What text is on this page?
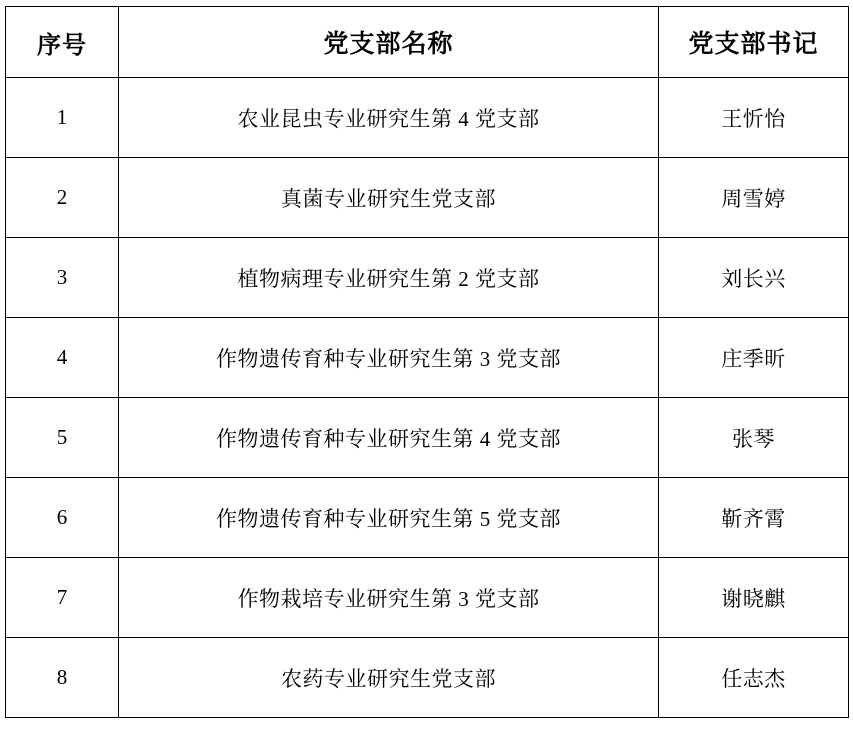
序号	党支部名称	党支部书记
1	农业昆虫专业研究生第 4 党支部	王忻怡
2	真菌专业研究生党支部	周雪婷
3	植物病理专业研究生第 2 党支部	刘长兴
4	作物遗传育种专业研究生第 3 党支部	庄季昕
5	作物遗传育种专业研究生第 4 党支部	张琴
6	作物遗传育种专业研究生第 5 党支部	靳齐霄
7	作物栽培专业研究生第 3 党支部	谢晓麒
8	农药专业研究生党支部	任志杰
